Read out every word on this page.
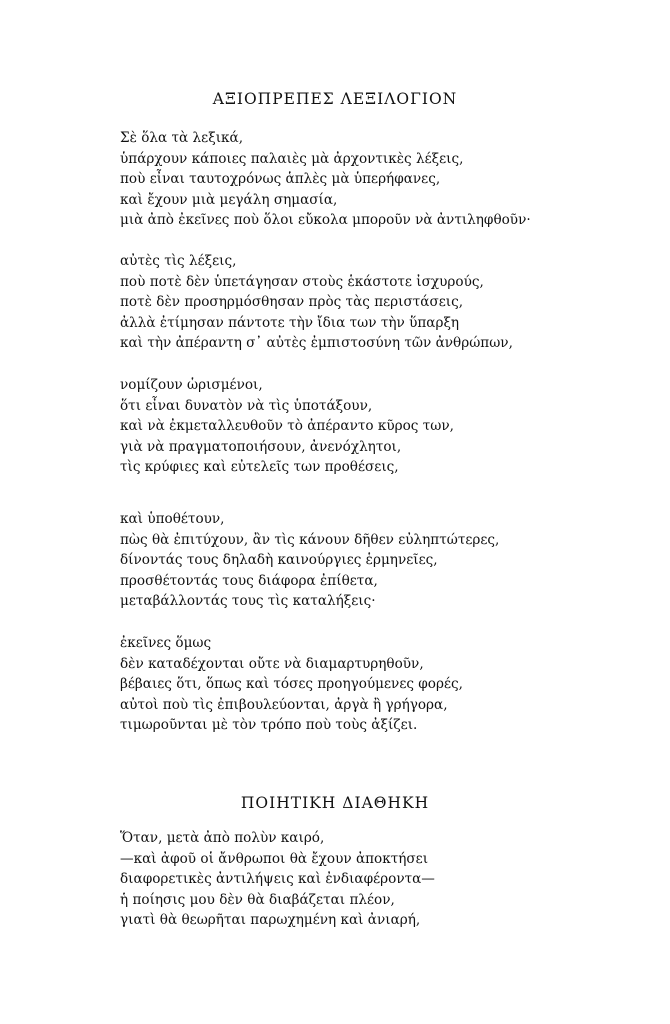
ΑΞΙΟΠΡΕΠΕΣ ΛΕΞΙΛΟΓΙΟΝ
Σὲ ὅλα τὰ λεξικά,
ὑπάρχουν κάποιες παλαιὲς μὰ ἀρχοντικὲς λέξεις,
ποὺ εἶναι ταυτοχρόνως ἁπλὲς μὰ ὑπερήφανες,
καὶ ἔχουν μιὰ μεγάλη σημασία,
μιὰ ἀπὸ ἐκεῖνες ποὺ ὅλοι εὔκολα μποροῦν νὰ ἀντιληφθοῦν·
αὐτὲς τὶς λέξεις,
ποὺ ποτὲ δὲν ὑπετάγησαν στοὺς ἑκάστοτε ἰσχυρούς,
ποτὲ δὲν προσηρμόσθησαν πρὸς τὰς περιστάσεις,
ἀλλὰ ἐτίμησαν πάντοτε τὴν ἴδια των τὴν ὕπαρξη
καὶ τὴν ἀπέραντη σ᾽ αὐτὲς ἐμπιστοσύνη τῶν ἀνθρώπων,
νομίζουν ὡρισμένοι,
ὅτι εἶναι δυνατὸν νὰ τὶς ὑποτάξουν,
καὶ νὰ ἐκμεταλλευθοῦν τὸ ἀπέραντο κῦρος των,
γιὰ νὰ πραγματοποιήσουν, ἀνενόχλητοι,
τὶς κρύφιες καὶ εὐτελεῖς των προθέσεις,
καὶ ὑποθέτουν,
πὼς θὰ ἐπιτύχουν, ἂν τὶς κάνουν δῆθεν εὐληπτώτερες,
δίνοντάς τους δηλαδὴ καινούργιες ἑρμηνεῖες,
προσθέτοντάς τους διάφορα ἐπίθετα,
μεταβάλλοντάς τους τὶς καταλήξεις·
ἐκεῖνες ὅμως
δὲν καταδέχονται οὔτε νὰ διαμαρτυρηθοῦν,
βέβαιες ὅτι, ὅπως καὶ τόσες προηγούμενες φορές,
αὐτοὶ ποὺ τὶς ἐπιβουλεύονται, ἀργὰ ἢ γρήγορα,
τιμωροῦνται μὲ τὸν τρόπο ποὺ τοὺς ἀξίζει.
ΠΟΙΗΤΙΚΗ ΔΙΑΘΗΚΗ
Ὅταν, μετὰ ἀπὸ πολὺν καιρό,
—καὶ ἀφοῦ οἱ ἄνθρωποι θὰ ἔχουν ἀποκτήσει
διαφορετικὲς ἀντιλήψεις καὶ ἐνδιαφέροντα—
ἡ ποίησις μου δὲν θὰ διαβάζεται πλέον,
γιατὶ θὰ θεωρῆται παρωχημένη καὶ ἀνιαρή,
